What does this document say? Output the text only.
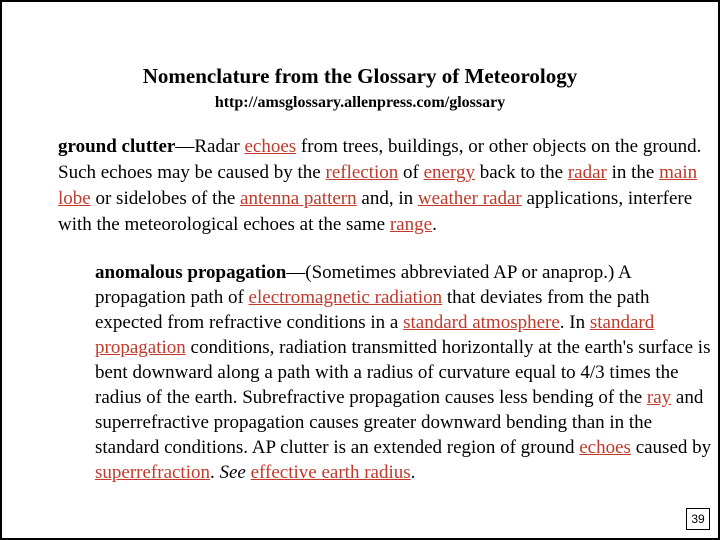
Nomenclature from the Glossary of Meteorology
http://amsglossary.allenpress.com/glossary
ground clutter—Radar echoes from trees, buildings, or other objects on the ground. Such echoes may be caused by the reflection of energy back to the radar in the main lobe or sidelobes of the antenna pattern and, in weather radar applications, interfere with the meteorological echoes at the same range.
anomalous propagation—(Sometimes abbreviated AP or anaprop.) A propagation path of electromagnetic radiation that deviates from the path expected from refractive conditions in a standard atmosphere. In standard propagation conditions, radiation transmitted horizontally at the earth's surface is bent downward along a path with a radius of curvature equal to 4/3 times the radius of the earth. Subrefractive propagation causes less bending of the ray and superrefractive propagation causes greater downward bending than in the standard conditions. AP clutter is an extended region of ground echoes caused by superrefraction. See effective earth radius.
39
